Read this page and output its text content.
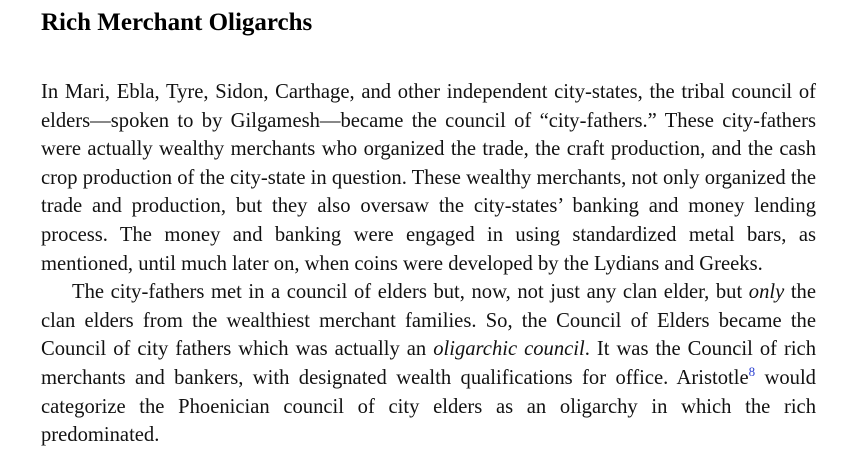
Rich Merchant Oligarchs

In Mari, Ebla, Tyre, Sidon, Carthage, and other independent city-states, the tribal council of elders—spoken to by Gilgamesh—became the council of “city-fathers.” These city-fathers were actually wealthy merchants who organized the trade, the craft production, and the cash crop production of the city-state in question. These wealthy merchants, not only organized the trade and production, but they also oversaw the city-states’ banking and money lending process. The money and banking were engaged in using standardized metal bars, as mentioned, until much later on, when coins were developed by the Lydians and Greeks.

The city-fathers met in a council of elders but, now, not just any clan elder, but only the clan elders from the wealthiest merchant families. So, the Council of Elders became the Council of city fathers which was actually an oligarchic council. It was the Council of rich merchants and bankers, with designated wealth qualifications for office. Aristotle$^8$ would categorize the Phoenician council of city elders as an oligarchy in which the rich predominated.
